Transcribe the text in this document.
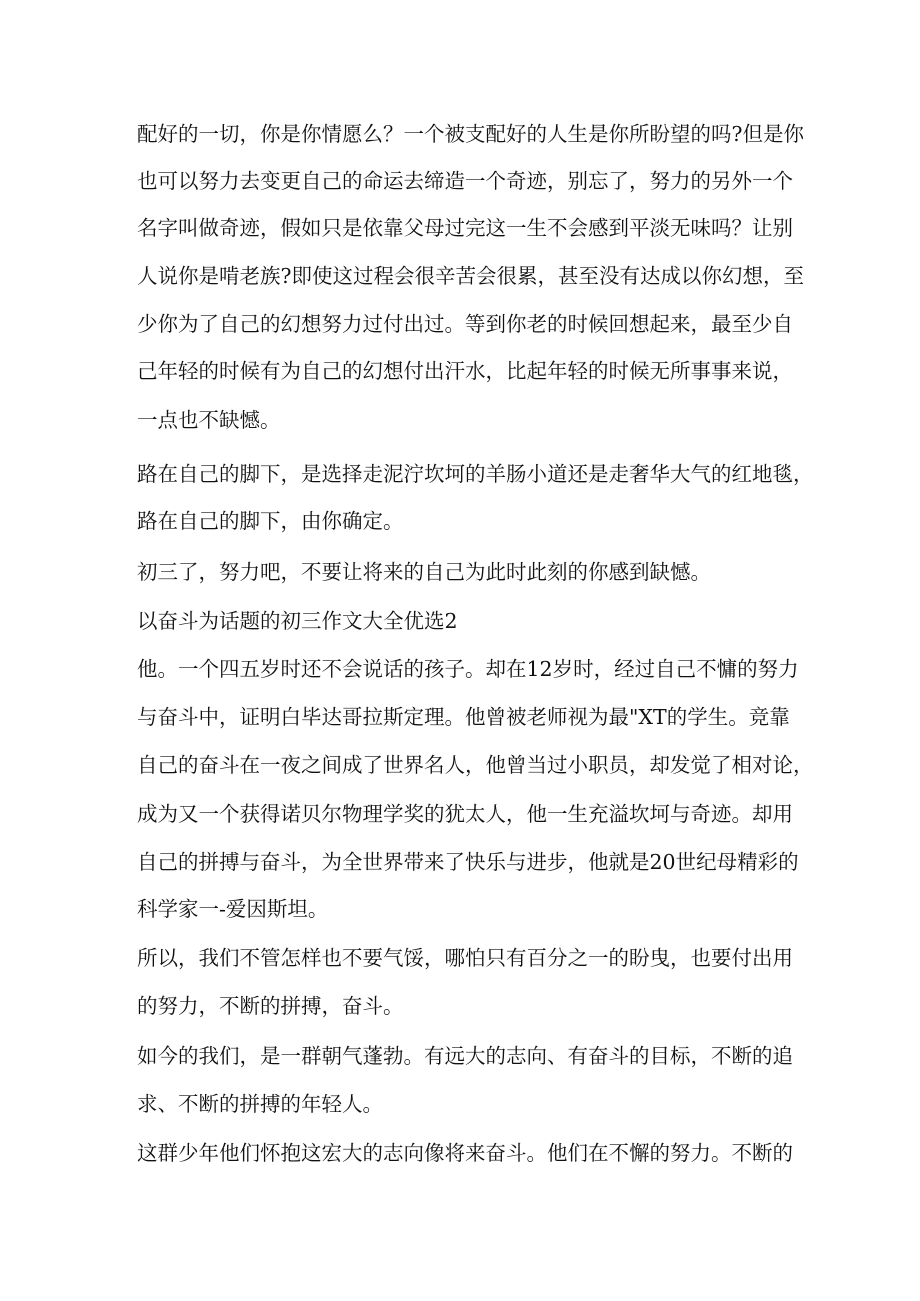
配好的一切，你是你情愿么？一个被支配好的人生是你所盼望的吗?但是你
也可以努力去变更自己的命运去缔造一个奇迹，别忘了，努力的另外一个
名字叫做奇迹，假如只是依靠父母过完这一生不会感到平淡无味吗？让别
人说你是啃老族?即使这过程会很辛苦会很累，甚至没有达成以你幻想，至
少你为了自己的幻想努力过付出过。等到你老的时候回想起来，最至少自
己年轻的时候有为自己的幻想付出汗水，比起年轻的时候无所事事来说，
一点也不缺憾。
路在自己的脚下，是选择走泥泞坎坷的羊肠小道还是走奢华大气的红地毯，
路在自己的脚下，由你确定。
初三了，努力吧，不要让将来的自己为此时此刻的你感到缺憾。
以奋斗为话题的初三作文大全优选2
他。一个四五岁时还不会说话的孩子。却在12岁时，经过自己不慵的努力
与奋斗中，证明白毕达哥拉斯定理。他曾被老师视为最"XT的学生。竞靠
自己的奋斗在一夜之间成了世界名人，他曾当过小职员，却发觉了相对论，
成为又一个获得诺贝尔物理学奖的犹太人，他一生充溢坎坷与奇迹。却用
自己的拼搏与奋斗，为全世界带来了快乐与进步，他就是20世纪母精彩的
科学家一-爱因斯坦。
所以，我们不管怎样也不要气馁，哪怕只有百分之一的盼曳，也要付出用
的努力，不断的拼搏，奋斗。
如今的我们，是一群朝气蓬勃。有远大的志向、有奋斗的目标，不断的追
求、不断的拼搏的年轻人。
这群少年他们怀抱这宏大的志向像将来奋斗。他们在不懈的努力。不断的
